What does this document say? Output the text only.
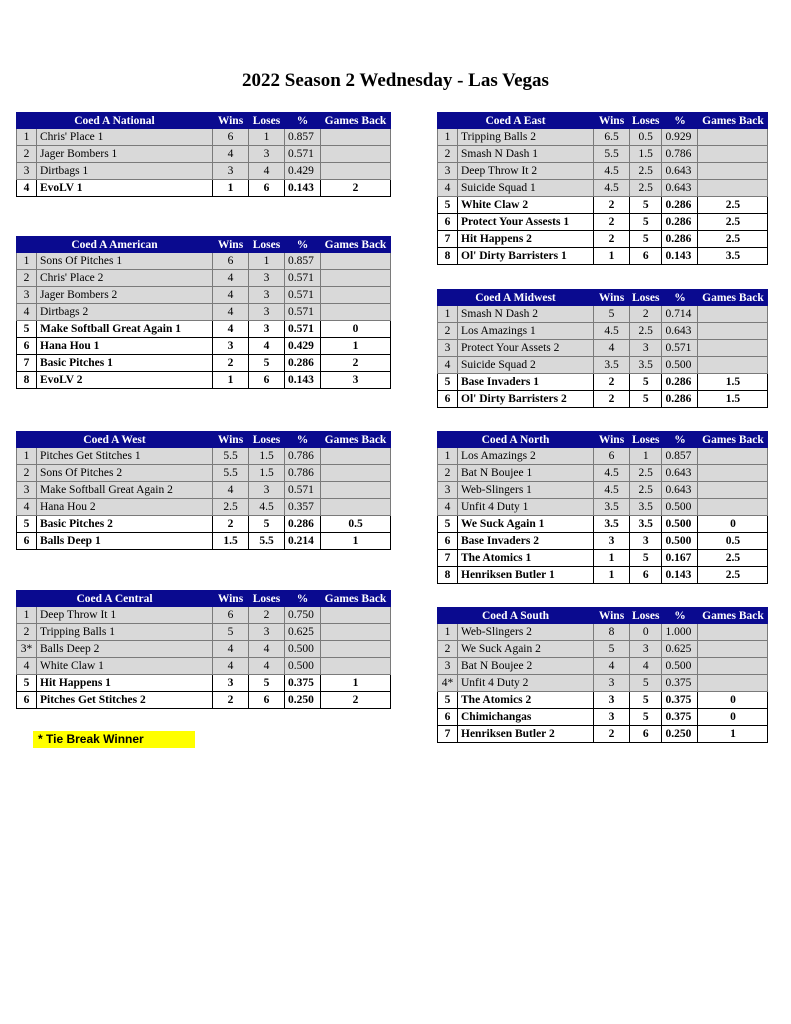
2022 Season 2 Wednesday - Las Vegas
Coed A National		Wins	Loses	%	Games Back
1	Chris' Place 1	6	1	0.857	
2	Jager Bombers 1	4	3	0.571	
3	Dirtbags 1	3	4	0.429	
4	EvoLV 1	1	6	0.143	2
Coed A American		Wins	Loses	%	Games Back
1	Sons Of Pitches 1	6	1	0.857	
2	Chris' Place 2	4	3	0.571	
3	Jager Bombers 2	4	3	0.571	
4	Dirtbags 2	4	3	0.571	
5	Make Softball Great Again 1	4	3	0.571	0
6	Hana Hou 1	3	4	0.429	1
7	Basic Pitches 1	2	5	0.286	2
8	EvoLV 2	1	6	0.143	3
Coed A West		Wins	Loses	%	Games Back
1	Pitches Get Stitches 1	5.5	1.5	0.786	
2	Sons Of Pitches 2	5.5	1.5	0.786	
3	Make Softball Great Again 2	4	3	0.571	
4	Hana Hou 2	2.5	4.5	0.357	
5	Basic Pitches 2	2	5	0.286	0.5
6	Balls Deep 1	1.5	5.5	0.214	1
Coed A Central		Wins	Loses	%	Games Back
1	Deep Throw It 1	6	2	0.750	
2	Tripping Balls 1	5	3	0.625	
3*	Balls Deep 2	4	4	0.500	
4	White Claw 1	4	4	0.500	
5	Hit Happens 1	3	5	0.375	1
6	Pitches Get Stitches 2	2	6	0.250	2
Coed A East		Wins	Loses	%	Games Back
1	Tripping Balls 2	6.5	0.5	0.929	
2	Smash N Dash 1	5.5	1.5	0.786	
3	Deep Throw It 2	4.5	2.5	0.643	
4	Suicide Squad 1	4.5	2.5	0.643	
5	White Claw 2	2	5	0.286	2.5
6	Protect Your Assests 1	2	5	0.286	2.5
7	Hit Happens 2	2	5	0.286	2.5
8	Ol' Dirty Barristers 1	1	6	0.143	3.5
Coed A Midwest		Wins	Loses	%	Games Back
1	Smash N Dash 2	5	2	0.714	
2	Los Amazings 1	4.5	2.5	0.643	
3	Protect Your Assets 2	4	3	0.571	
4	Suicide Squad 2	3.5	3.5	0.500	
5	Base Invaders 1	2	5	0.286	1.5
6	Ol' Dirty Barristers 2	2	5	0.286	1.5
Coed A North		Wins	Loses	%	Games Back
1	Los Amazings 2	6	1	0.857	
2	Bat N Boujee 1	4.5	2.5	0.643	
3	Web-Slingers 1	4.5	2.5	0.643	
4	Unfit 4 Duty 1	3.5	3.5	0.500	
5	We Suck Again 1	3.5	3.5	0.500	0
6	Base Invaders 2	3	3	0.500	0.5
7	The Atomics 1	1	5	0.167	2.5
8	Henriksen Butler 1	1	6	0.143	2.5
Coed A South		Wins	Loses	%	Games Back
1	Web-Slingers 2	8	0	1.000	
2	We Suck Again 2	5	3	0.625	
3	Bat N Boujee 2	4	4	0.500	
4*	Unfit 4 Duty 2	3	5	0.375	
5	The Atomics 2	3	5	0.375	0
6	Chimichangas	3	5	0.375	0
7	Henriksen Butler 2	2	6	0.250	1
* Tie Break Winner
